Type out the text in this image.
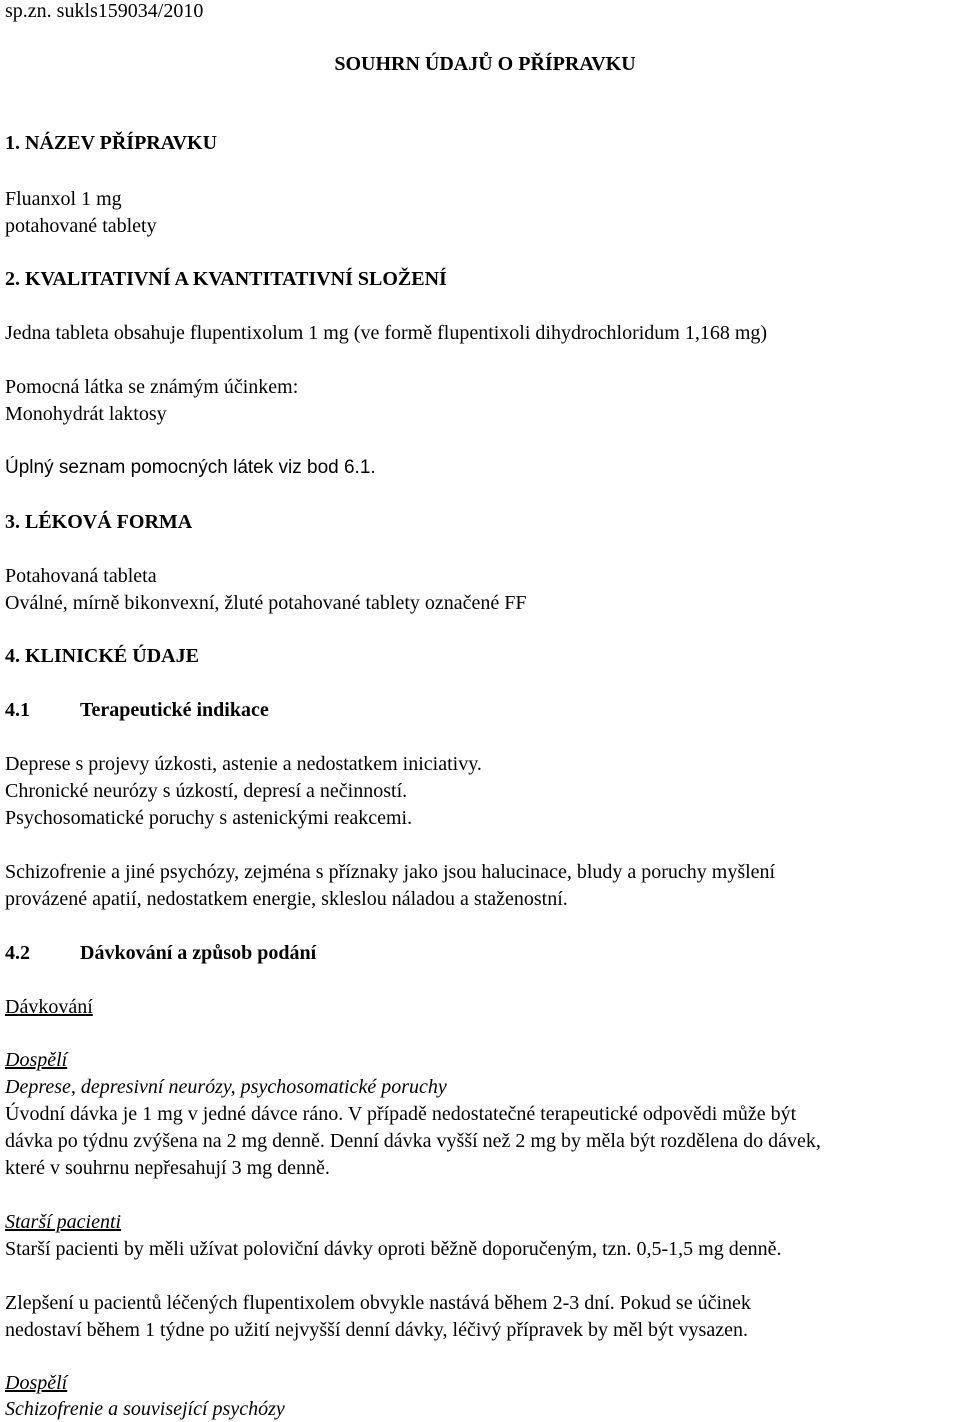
sp.zn. sukls159034/2010
SOUHRN ÚDAJŮ O PŘÍPRAVKU
1. NÁZEV PŘÍPRAVKU
Fluanxol 1 mg
potahované tablety
2. KVALITATIVNÍ A KVANTITATIVNÍ SLOŽENÍ
Jedna tableta obsahuje flupentixolum 1 mg (ve formě flupentixoli dihydrochloridum 1,168 mg)
Pomocná látka se známým účinkem:
Monohydrát laktosy
Úplný seznam pomocných látek viz bod 6.1.
3. LÉKOVÁ FORMA
Potahovaná tableta
Oválné, mírně bikonvexní, žluté potahované tablety označené FF
4. KLINICKÉ ÚDAJE
4.1	Terapeutické indikace
Deprese s projevy úzkosti, astenie a nedostatkem iniciativy.
Chronické neurózy s úzkostí, depresí a nečinností.
Psychosomatické poruchy s astenickými reakcemi.
Schizofrenie a jiné psychózy, zejména s příznaky jako jsou halucinace, bludy a poruchy myšlení
provázené apatií, nedostatkem energie, skleslou náladou a staženostní.
4.2	Dávkování a způsob podání
Dávkování
Dospělí
Deprese, depresivní neurózy, psychosomatické poruchy
Úvodní dávka je 1 mg v jedné dávce ráno. V případě nedostatečné terapeutické odpovědi může být
dávka po týdnu zvýšena na 2 mg denně. Denní dávka vyšší než 2 mg by měla být rozdělena do dávek,
které v souhrnu nepřesahují 3 mg denně.
Starší pacienti
Starší pacienti by měli užívat poloviční dávky oproti běžně doporučeným, tzn. 0,5-1,5 mg denně.
Zlepšení u pacientů léčených flupentixolem obvykle nastává během 2-3 dní. Pokud se účinek
nedostaví během 1 týdne po užití nejvyšší denní dávky, léčivý přípravek by měl být vysazen.
Dospělí
Schizofrenie a související psychózy
